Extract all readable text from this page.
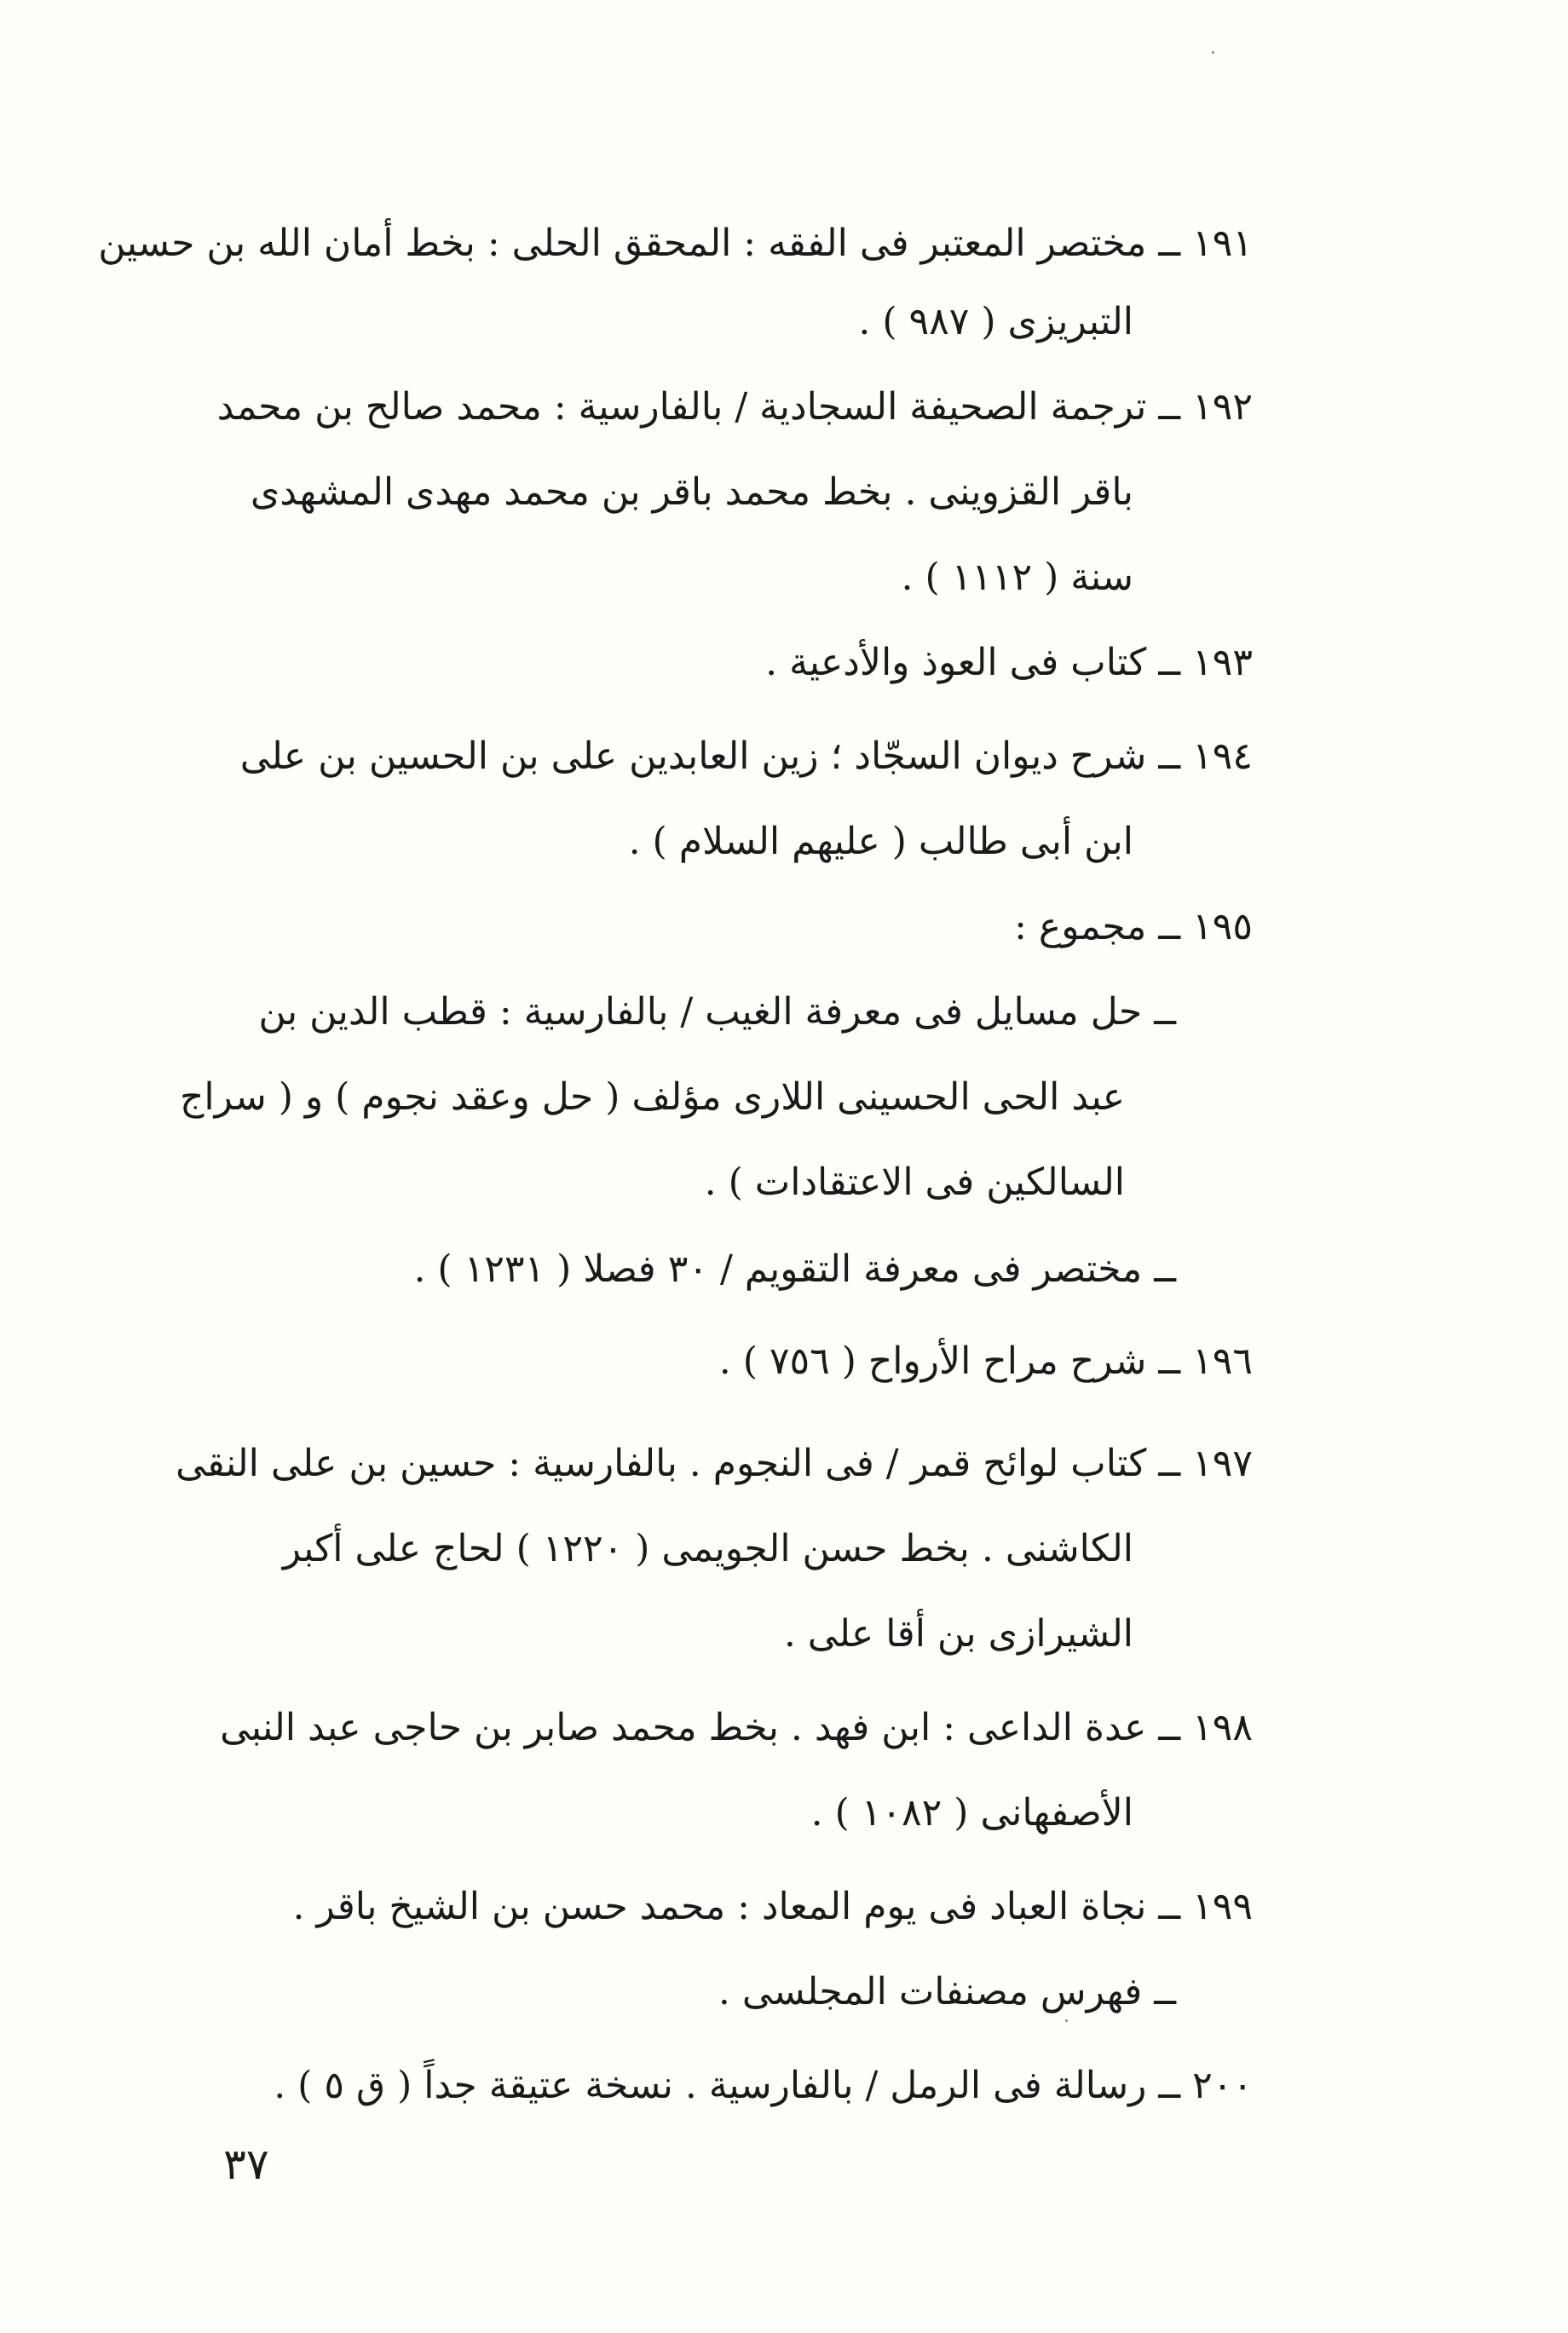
١٩١ ــ مختصر المعتبر فى الفقه : المحقق الحلى : بخط أمان الله بن حسين
التبريزى ( ٩٨٧ ) .
١٩٢ ــ ترجمة الصحيفة السجادية / بالفارسية : محمد صالح بن محمد
باقر القزوينى . بخط محمد باقر بن محمد مهدى المشهدى
سنة ( ١١١٢ ) .
١٩٣ ــ كتاب فى العوذ والأدعية .
١٩٤ ــ شرح ديوان السجّاد ؛ زين العابدين على بن الحسين بن على
ابن أبى طالب ( عليهم السلام ) .
١٩٥ ــ مجموع :
ــ حل مسايل فى معرفة الغيب / بالفارسية : قطب الدين بن
عبد الحى الحسينى اللارى مؤلف ( حل وعقد نجوم ) و ( سراج
السالكين فى الاعتقادات ) .
ــ مختصر فى معرفة التقويم / ٣٠ فصلا ( ١٢٣١ ) .
١٩٦ ــ شرح مراح الأرواح ( ٧٥٦ ) .
١٩٧ ــ كتاب لوائح قمر / فى النجوم . بالفارسية : حسين بن على النقى
الكاشنى . بخط حسن الجويمى ( ١٢٢٠ ) لحاج على أكبر
الشيرازى بن أقا على .
١٩٨ ــ عدة الداعى : ابن فهد . بخط محمد صابر بن حاجى عبد النبى
الأصفهانى ( ١٠٨٢ ) .
١٩٩ ــ نجاة العباد فى يوم المعاد : محمد حسن بن الشيخ باقر .
ــ فهرس مصنفات المجلسى .
٢٠٠ ــ رسالة فى الرمل / بالفارسية . نسخة عتيقة جداً ( ق ٥ ) .
٣٧
